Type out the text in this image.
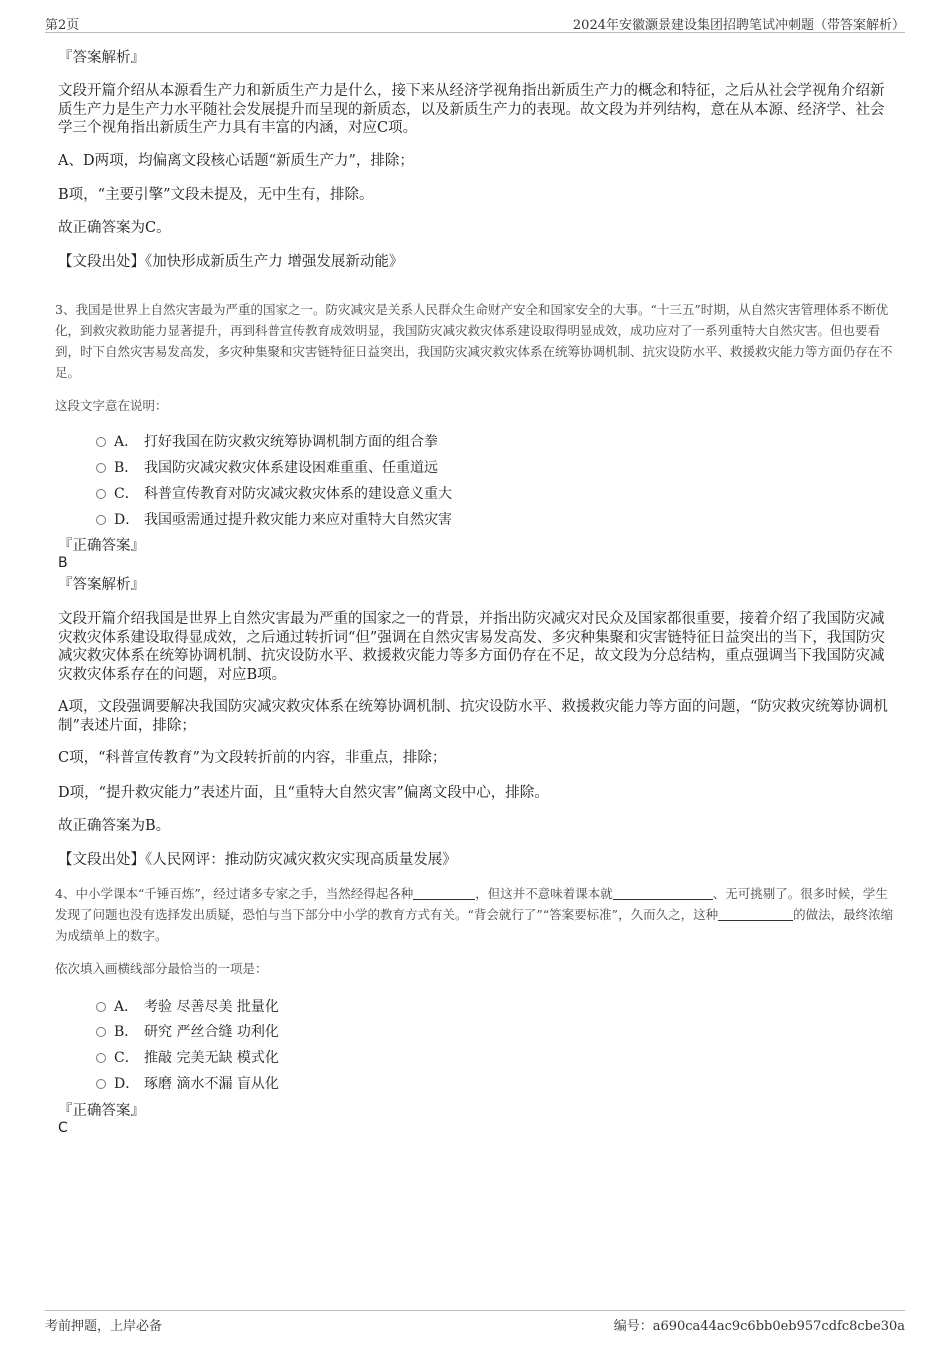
第2页	2024年安徽灏景建设集团招聘笔试冲刺题（带答案解析）
『答案解析』
文段开篇介绍从本源看生产力和新质生产力是什么，接下来从经济学视角指出新质生产力的概念和特征，之后从社会学视角介绍新质生产力是生产力水平随社会发展提升而呈现的新质态，以及新质生产力的表现。故文段为并列结构，意在从本源、经济学、社会学三个视角指出新质生产力具有丰富的内涵，对应C项。
A、D两项，均偏离文段核心话题“新质生产力”，排除；
B项，“主要引擎”文段未提及，无中生有，排除。
故正确答案为C。
【文段出处】《加快形成新质生产力 增强发展新动能》
3、我国是世界上自然灾害最为严重的国家之一。防灾减灾是关系人民群众生命财产安全和国家安全的大事。“十三五”时期，从自然灾害管理体系不断优化，到救灾救助能力显著提升，再到科普宣传教育成效明显，我国防灾减灾救灾体系建设取得明显成效，成功应对了一系列重特大自然灾害。但也要看到，时下自然灾害易发高发，多灾种集聚和灾害链特征日益突出，我国防灾减灾救灾体系在统筹协调机制、抗灾设防水平、救援救灾能力等方面仍存在不足。
这段文字意在说明：
A． 打好我国在防灾救灾统筹协调机制方面的组合拳
B． 我国防灾减灾救灾体系建设困难重重、任重道远
C． 科普宣传教育对防灾减灾救灾体系的建设意义重大
D． 我国亟需通过提升救灾能力来应对重特大自然灾害
『正确答案』
B
『答案解析』
文段开篇介绍我国是世界上自然灾害最为严重的国家之一的背景，并指出防灾减灾对民众及国家都很重要，接着介绍了我国防灾减灾救灾体系建设取得显成效，之后通过转折词“但”强调在自然灾害易发高发、多灾种集聚和灾害链特征日益突出的当下，我国防灾减灾救灾体系在统筹协调机制、抗灾设防水平、救援救灾能力等多方面仍存在不足，故文段为分总结构，重点强调当下我国防灾减灾救灾体系存在的问题，对应B项。
A项，文段强调要解决我国防灾减灾救灾体系在统筹协调机制、抗灾设防水平、救援救灾能力等方面的问题，“防灾救灾统筹协调机制”表述片面，排除；
C项，“科普宣传教育”为文段转折前的内容，非重点，排除；
D项，“提升救灾能力”表述片面，且“重特大自然灾害”偏离文段中心，排除。
故正确答案为B。
【文段出处】《人民网评：推动防灾减灾救灾实现高质量发展》
4、中小学课本“千锤百炼”，经过诸多专家之手，当然经得起各种	，但这并不意味着课本就	、无可挑剔了。很多时候，学生发现了问题也没有选择发出质疑，恐怕与当下部分中小学的教育方式有关。“背会就行了”“答案要标准”，久而久之，这种	的做法，最终浓缩为成绩单上的数字。
依次填入画横线部分最恰当的一项是：
A． 考验 尽善尽美 批量化
B． 研究 严丝合缝 功利化
C． 推敲 完美无缺 模式化
D． 琢磨 滴水不漏 盲从化
『正确答案』
C
考前押题，上岸必备	编号：a690ca44ac9c6bb0eb957cdfc8cbe30a
